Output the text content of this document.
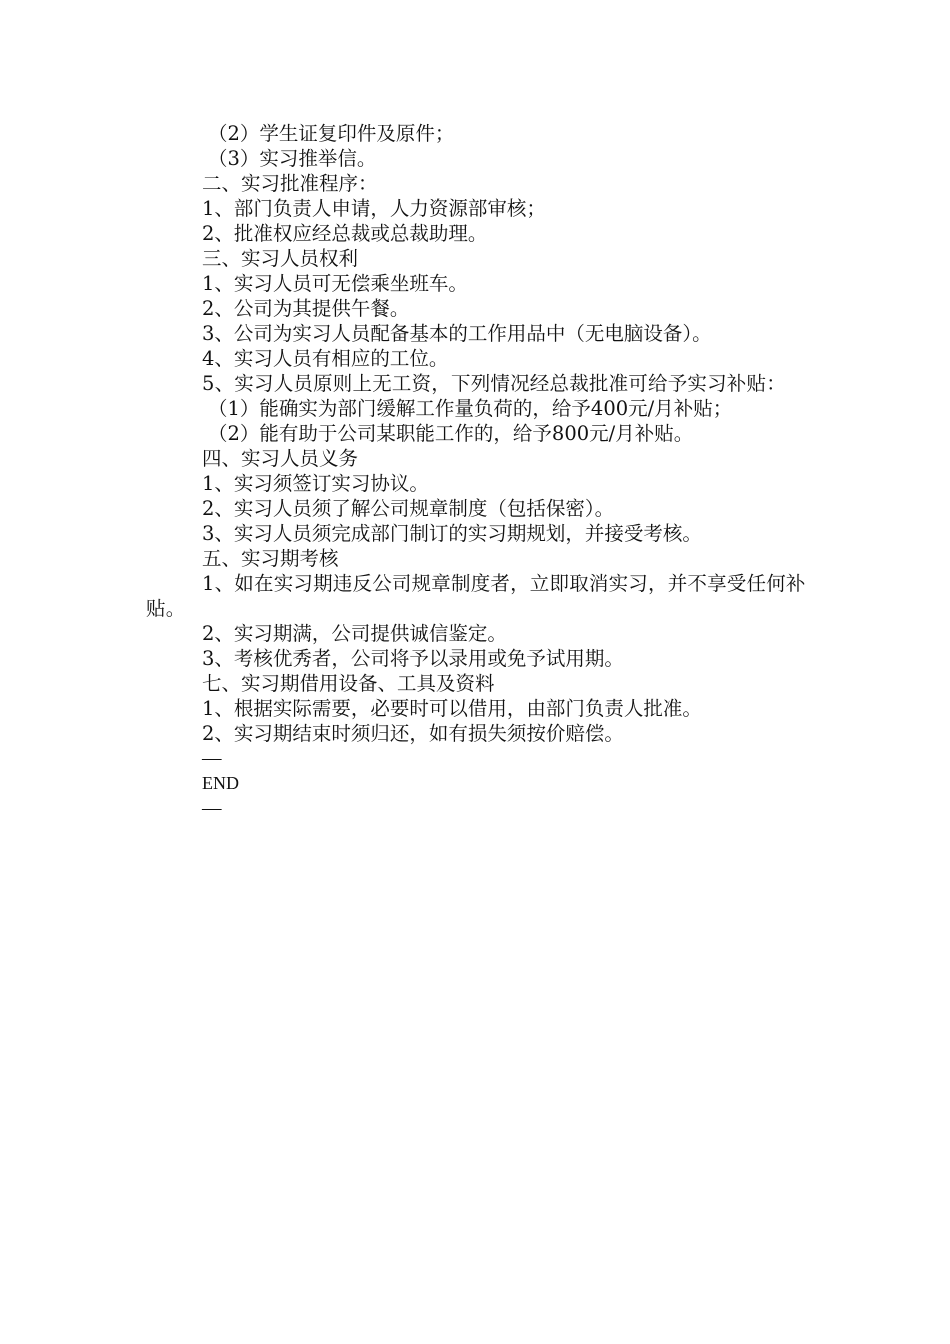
（2）学生证复印件及原件；
（3）实习推举信。
二、实习批准程序：
1、部门负责人申请，人力资源部审核；
2、批准权应经总裁或总裁助理。
三、实习人员权利
1、实习人员可无偿乘坐班车。
2、公司为其提供午餐。
3、公司为实习人员配备基本的工作用品中（无电脑设备）。
4、实习人员有相应的工位。
5、实习人员原则上无工资，下列情况经总裁批准可给予实习补贴：
（1）能确实为部门缓解工作量负荷的，给予400元/月补贴；
（2）能有助于公司某职能工作的，给予800元/月补贴。
四、实习人员义务
1、实习须签订实习协议。
2、实习人员须了解公司规章制度（包括保密）。
3、实习人员须完成部门制订的实习期规划，并接受考核。
五、实习期考核
1、如在实习期违反公司规章制度者，立即取消实习，并不享受任何补贴。
2、实习期满，公司提供诚信鉴定。
3、考核优秀者，公司将予以录用或免予试用期。
七、实习期借用设备、工具及资料
1、根据实际需要，必要时可以借用，由部门负责人批准。
2、实习期结束时须归还，如有损失须按价赔偿。
—
END
—
